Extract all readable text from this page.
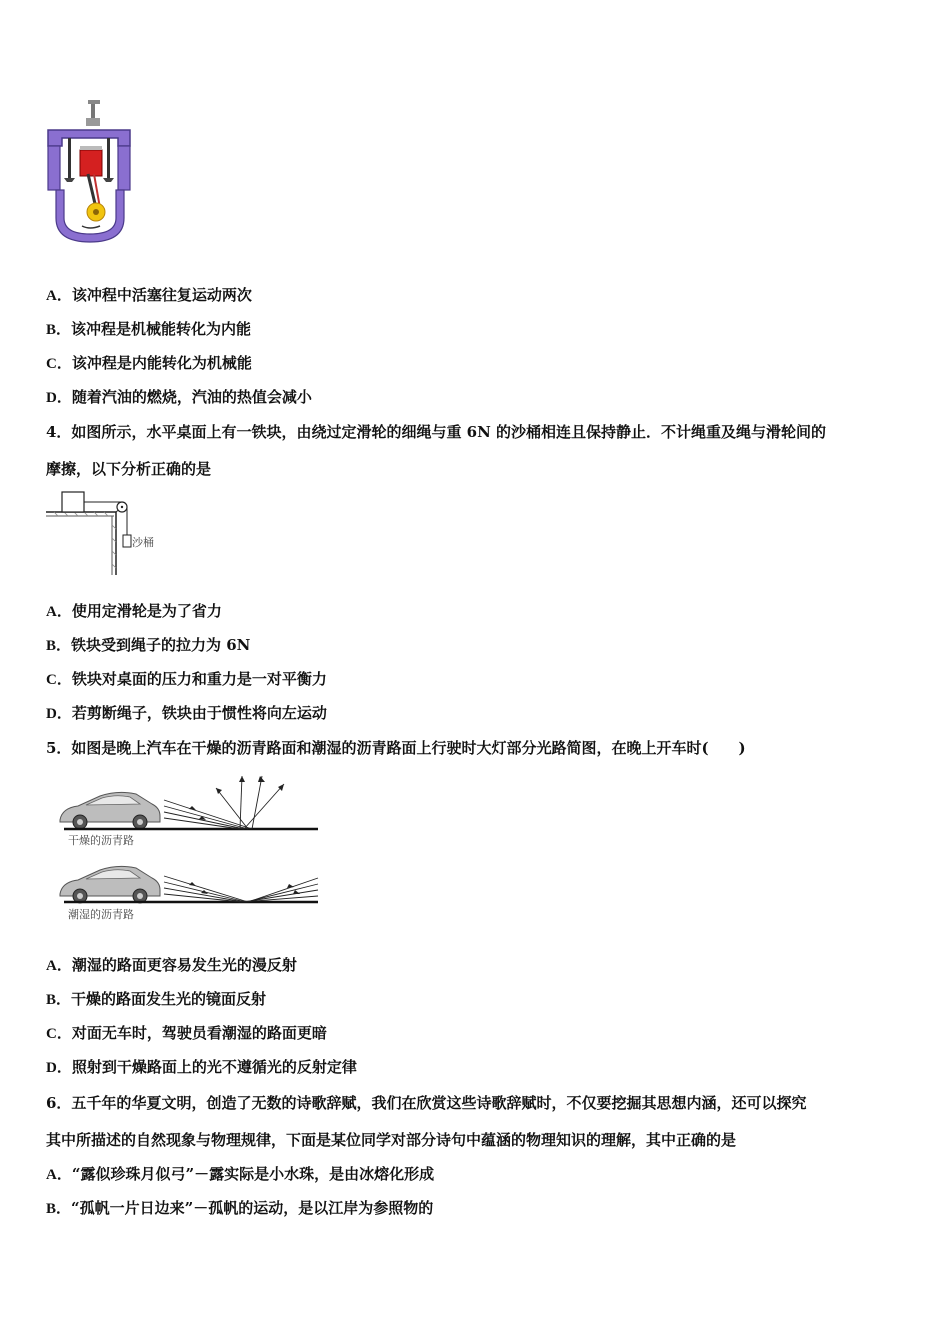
A．该冲程中活塞往复运动两次
B．该冲程是机械能转化为内能
C．该冲程是内能转化为机械能
D．随着汽油的燃烧，汽油的热值会减小
4．如图所示，水平桌面上有一铁块，由绕过定滑轮的细绳与重 6N 的沙桶相连且保持静止．不计绳重及绳与滑轮间的
摩擦，以下分析正确的是
沙桶
A．使用定滑轮是为了省力
B．铁块受到绳子的拉力为 6N
C．铁块对桌面的压力和重力是一对平衡力
D．若剪断绳子，铁块由于惯性将向左运动
5．如图是晚上汽车在干燥的沥青路面和潮湿的沥青路面上行驶时大灯部分光路简图，在晚上开车时(　　)
干燥的沥青路
潮湿的沥青路
A．潮湿的路面更容易发生光的漫反射
B．干燥的路面发生光的镜面反射
C．对面无车时，驾驶员看潮湿的路面更暗
D．照射到干燥路面上的光不遵循光的反射定律
6．五千年的华夏文明，创造了无数的诗歌辞赋，我们在欣赏这些诗歌辞赋时，不仅要挖掘其思想内涵，还可以探究
其中所描述的自然现象与物理规律，下面是某位同学对部分诗句中蕴涵的物理知识的理解，其中正确的是
A．“露似珍珠月似弓”－露实际是小水珠，是由冰熔化形成
B．“孤帆一片日边来”－孤帆的运动，是以江岸为参照物的
